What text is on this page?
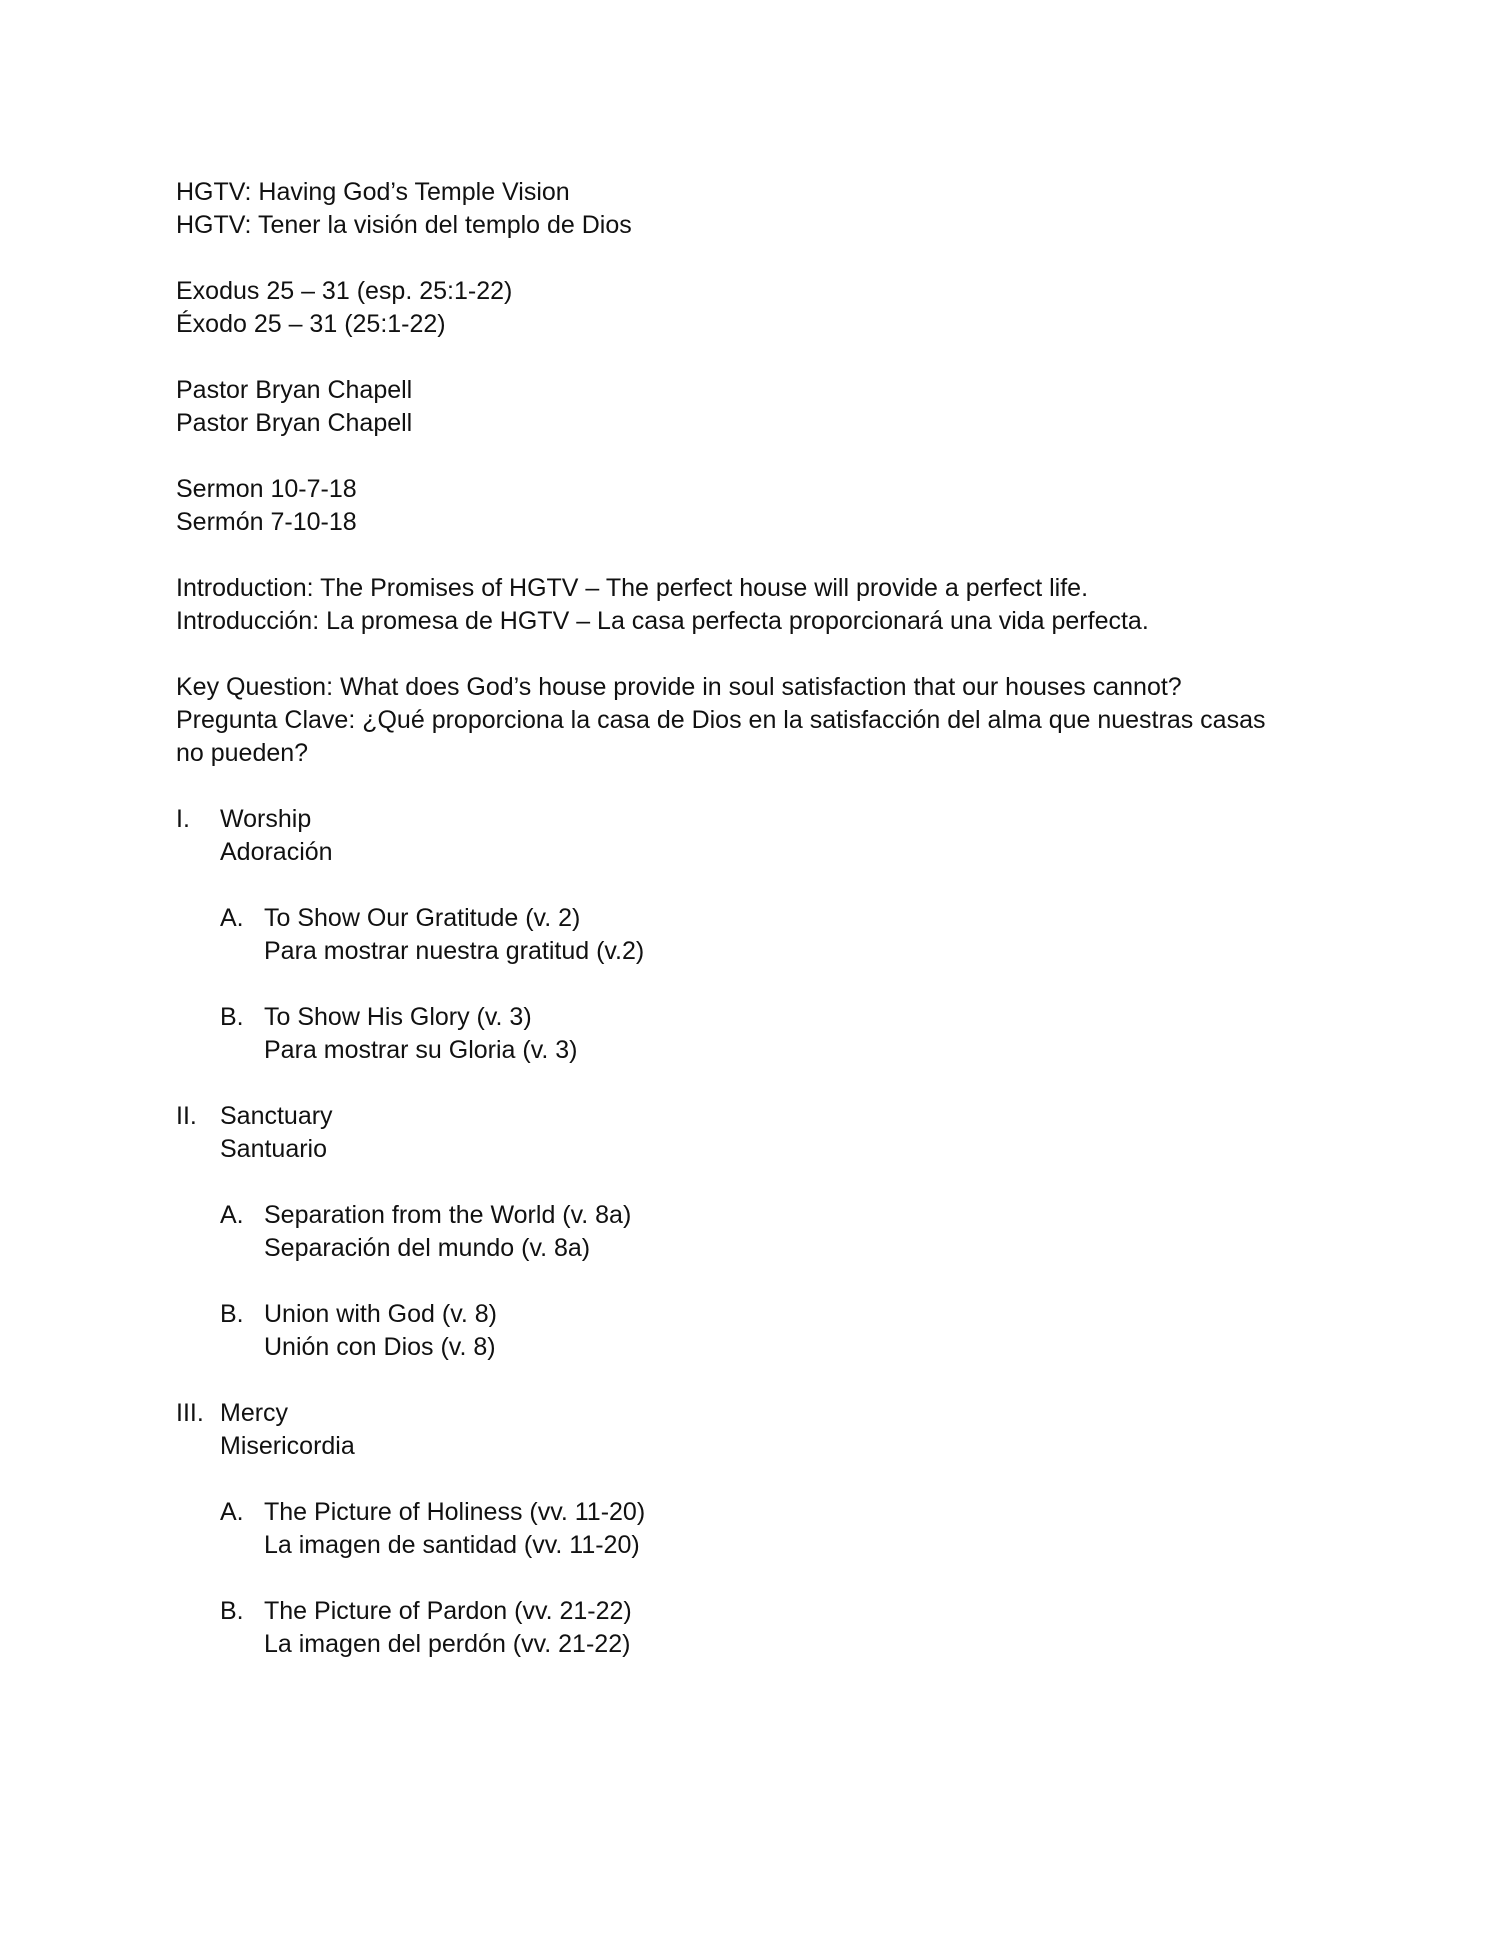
HGTV: Having God’s Temple Vision
HGTV: Tener la visión del templo de Dios
Exodus 25 – 31 (esp. 25:1-22)
Éxodo 25 – 31 (25:1-22)
Pastor Bryan Chapell
Pastor Bryan Chapell
Sermon 10-7-18
Sermón 7-10-18
Introduction: The Promises of HGTV – The perfect house will provide a perfect life.
Introducción: La promesa de HGTV – La casa perfecta proporcionará una vida perfecta.
Key Question: What does God’s house provide in soul satisfaction that our houses cannot?
Pregunta Clave: ¿Qué proporciona la casa de Dios en la satisfacción del alma que nuestras casas no pueden?
I. Worship
Adoración
A. To Show Our Gratitude (v. 2)
Para mostrar nuestra gratitud (v.2)
B. To Show His Glory (v. 3)
Para mostrar su Gloria (v. 3)
II. Sanctuary
Santuario
A. Separation from the World (v. 8a)
Separación del mundo (v. 8a)
B. Union with God (v. 8)
Unión con Dios (v. 8)
III. Mercy
Misericordia
A. The Picture of Holiness (vv. 11-20)
La imagen de santidad (vv. 11-20)
B. The Picture of Pardon (vv. 21-22)
La imagen del perdón (vv. 21-22)
